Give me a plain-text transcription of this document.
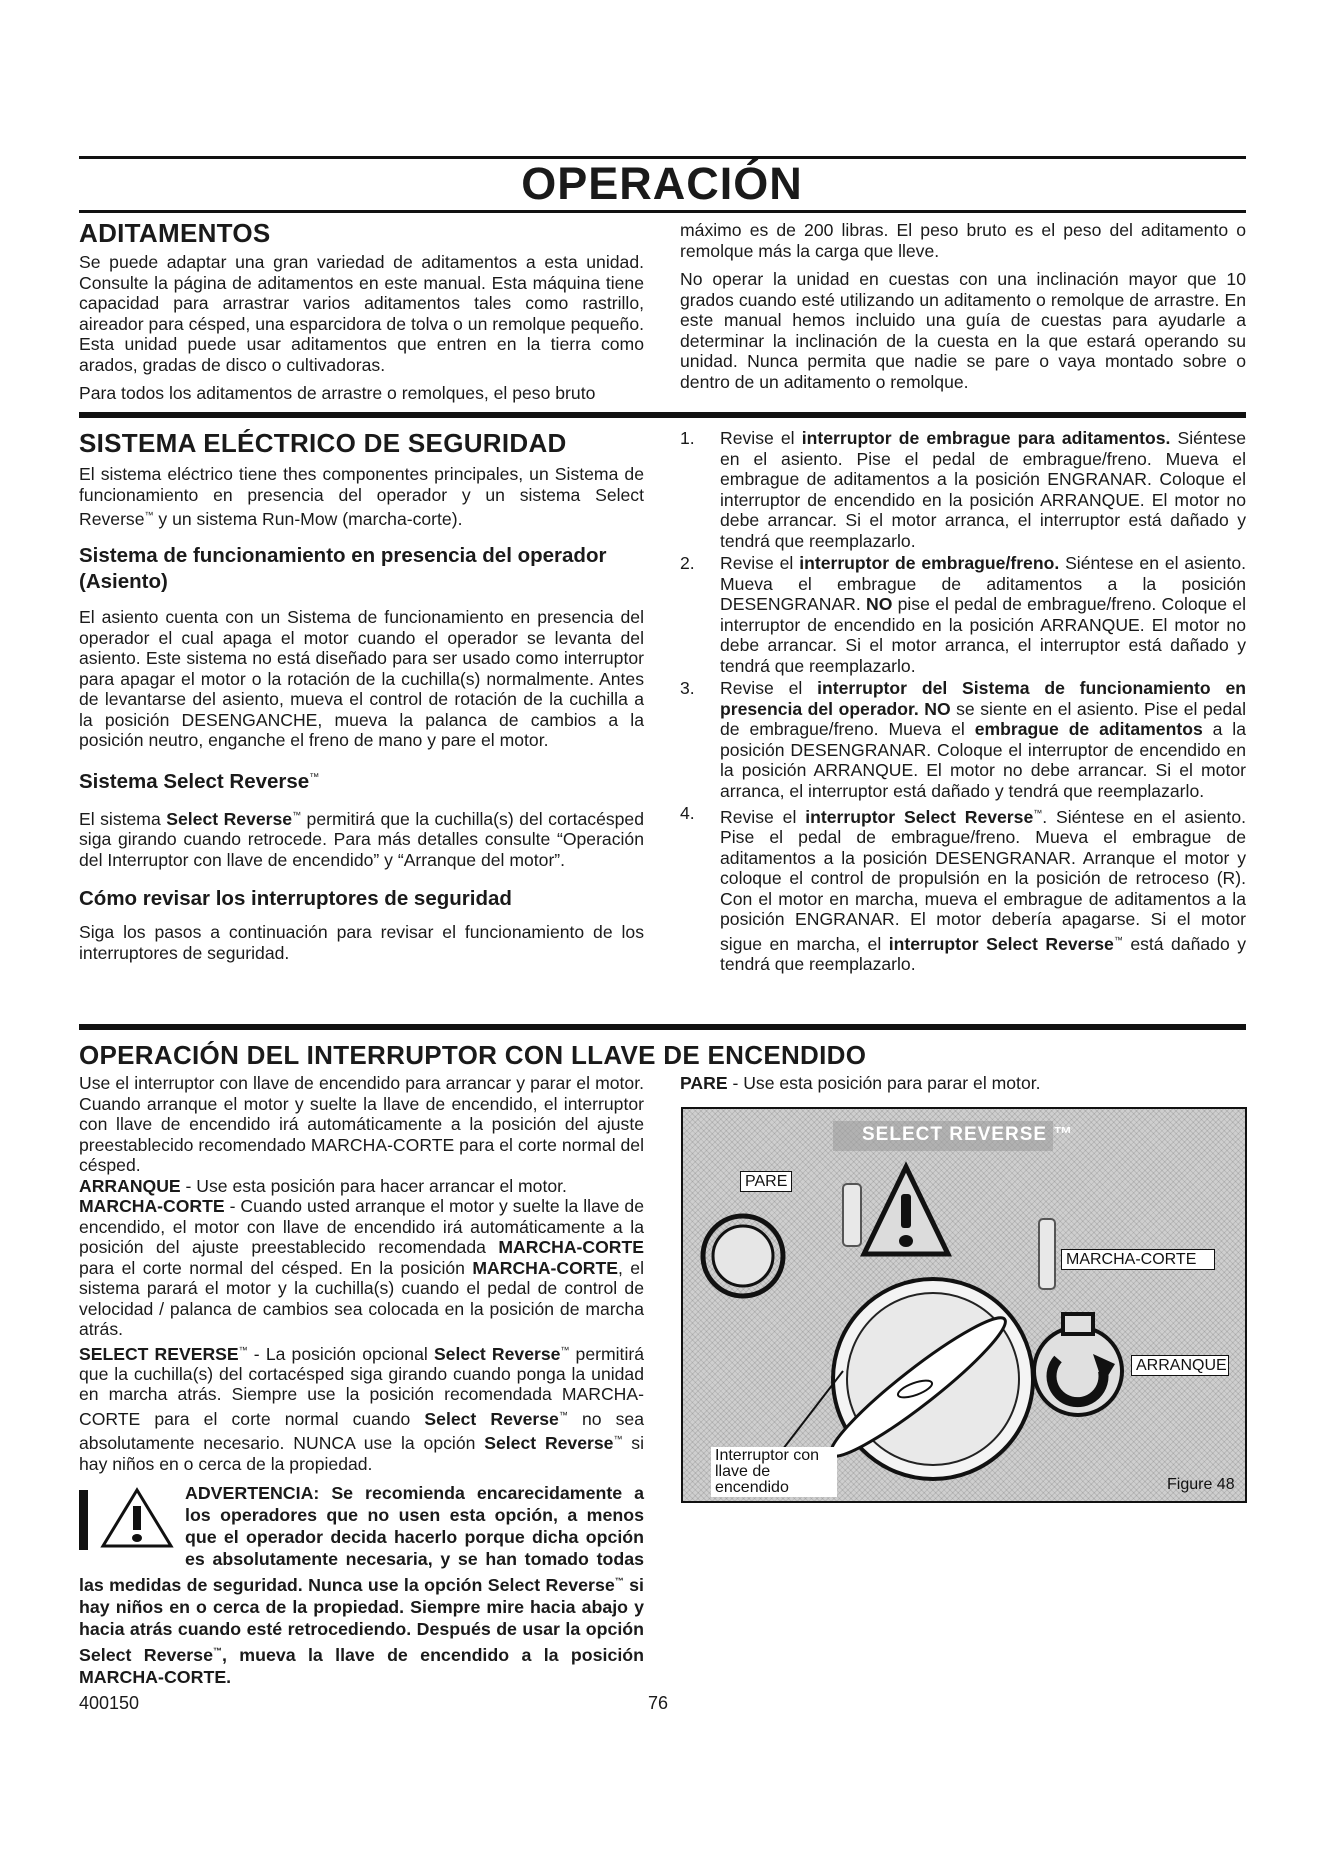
OPERACIÓN
ADITAMENTOS

Se puede adaptar una gran variedad de aditamentos a esta unidad. Consulte la página de aditamentos en este manual. Esta máquina tiene capacidad para arrastrar varios aditamentos tales como rastrillo, aireador para césped, una esparcidora de tolva o un remolque pequeño. Esta unidad puede usar aditamentos que entren en la tierra como arados, gradas de disco o cultivadoras.

Para todos los aditamentos de arrastre o remolques, el peso bruto

máximo es de 200 libras. El peso bruto es el peso del aditamento o remolque más la carga que lleve.

No operar la unidad en cuestas con una inclinación mayor que 10 grados cuando esté utilizando un aditamento o remolque de arrastre. En este manual hemos incluido una guía de cuestas para ayudarle a determinar la inclinación de la cuesta en la que estará operando su unidad. Nunca permita que nadie se pare o vaya montado sobre o dentro de un aditamento o remolque.

SISTEMA ELÉCTRICO DE SEGURIDAD

El sistema eléctrico tiene thes componentes principales, un Sistema de funcionamiento en presencia del operador y un sistema Select Reverse™ y un sistema Run-Mow (marcha-corte).

Sistema de funcionamiento en presencia del operador (Asiento)

El asiento cuenta con un Sistema de funcionamiento en presencia del operador el cual apaga el motor cuando el operador se levanta del asiento. Este sistema no está diseñado para ser usado como interruptor para apagar el motor o la rotación de la cuchilla(s) normalmente. Antes de levantarse del asiento, mueva el control de rotación de la cuchilla a la posición DESENGANCHE, mueva la palanca de cambios a la posición neutro, enganche el freno de mano y pare el motor.

Sistema Select Reverse™

El sistema Select Reverse™ permitirá que la cuchilla(s) del cortacésped siga girando cuando retrocede. Para más detalles consulte “Operación del Interruptor con llave de encendido” y “Arranque del motor”.

Cómo revisar los interruptores de seguridad

Siga los pasos a continuación para revisar el funcionamiento de los interruptores de seguridad.

1. Revise el interruptor de embrague para aditamentos. Siéntese en el asiento. Pise el pedal de embrague/freno. Mueva el embrague de aditamentos a la posición ENGRANAR. Coloque el interruptor de encendido en la posición ARRANQUE. El motor no debe arrancar. Si el motor arranca, el interruptor está dañado y tendrá que reemplazarlo.
2. Revise el interruptor de embrague/freno. Siéntese en el asiento. Mueva el embrague de aditamentos a la posición DESENGRANAR. NO pise el pedal de embrague/freno. Coloque el interruptor de encendido en la posición ARRANQUE. El motor no debe arrancar. Si el motor arranca, el interruptor está dañado y tendrá que reemplazarlo.
3. Revise el interruptor del Sistema de funcionamiento en presencia del operador. NO se siente en el asiento. Pise el pedal de embrague/freno. Mueva el embrague de aditamentos a la posición DESENGRANAR. Coloque el interruptor de encendido en la posición ARRANQUE. El motor no debe arrancar. Si el motor arranca, el interruptor está dañado y tendrá que reemplazarlo.
4. Revise el interruptor Select Reverse™. Siéntese en el asiento. Pise el pedal de embrague/freno. Mueva el embrague de aditamentos a la posición DESENGRANAR. Arranque el motor y coloque el control de propulsión en la posición de retroceso (R). Con el motor en marcha, mueva el embrague de aditamentos a la posición ENGRANAR. El motor debería apagarse. Si el motor sigue en marcha, el interruptor Select Reverse™ está dañado y tendrá que reemplazarlo.
OPERACIÓN DEL INTERRUPTOR CON LLAVE DE ENCENDIDO

Use el interruptor con llave de encendido para arrancar y parar el motor. Cuando arranque el motor y suelte la llave de encendido, el interruptor con llave de encendido irá automáticamente a la posición del ajuste preestablecido recomendado MARCHA-CORTE para el corte normal del césped.

ARRANQUE - Use esta posición para hacer arrancar el motor.

MARCHA-CORTE - Cuando usted arranque el motor y suelte la llave de encendido, el motor con llave de encendido irá automáticamente a la posición del ajuste preestablecido recomendada MARCHA-CORTE para el corte normal del césped. En la posición MARCHA-CORTE, el sistema parará el motor y la cuchilla(s) cuando el pedal de control de velocidad / palanca de cambios sea colocada en la posición de marcha atrás.

SELECT REVERSE™ - La posición opcional Select Reverse™ permitirá que la cuchilla(s) del cortacésped siga girando cuando ponga la unidad en marcha atrás. Siempre use la posición recomendada MARCHA-CORTE para el corte normal cuando Select Reverse™ no sea absolutamente necesario. NUNCA use la opción Select Reverse™ si hay niños en o cerca de la propiedad.

ADVERTENCIA: Se recomienda encarecidamente a los operadores que no usen esta opción, a menos que el operador decida hacerlo porque dicha opción es absolutamente necesaria, y se han tomado todas las medidas de seguridad. Nunca use la opción Select Reverse™ si hay niños en o cerca de la propiedad. Siempre mire hacia abajo y hacia atrás cuando esté retrocediendo. Después de usar la opción Select Reverse™, mueva la llave de encendido a la posición MARCHA-CORTE.

PARE - Use esta posición para parar el motor.

SELECT REVERSE ™
PARE
MARCHA-CORTE
ARRANQUE
Interruptor con llave de encendido	Figure 48
400150	76
